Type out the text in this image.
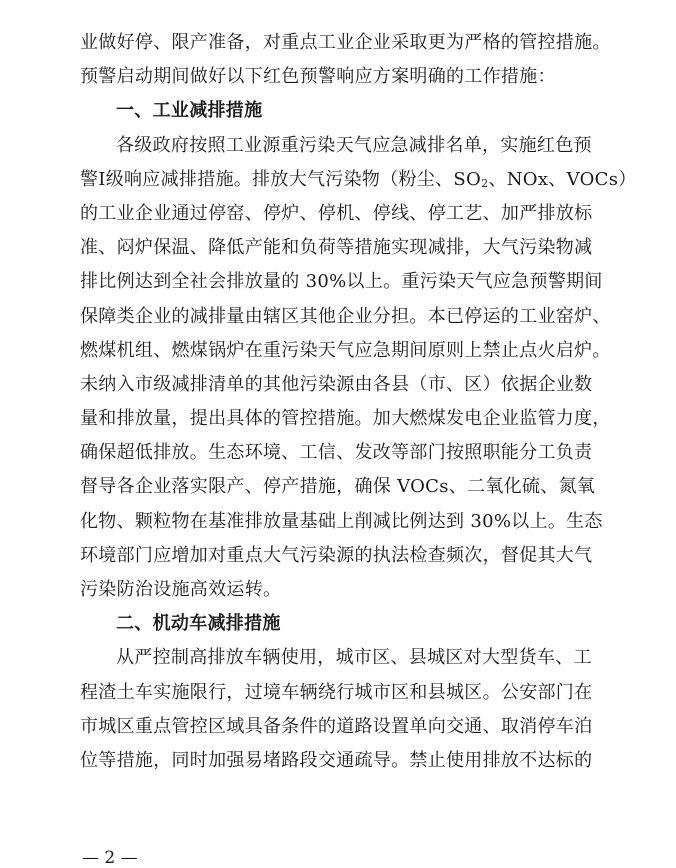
业做好停、限产准备，对重点工业企业采取更为严格的管控措施。
预警启动期间做好以下红色预警响应方案明确的工作措施：
一、工业减排措施
各级政府按照工业源重污染天气应急减排名单，实施红色预
警I级响应减排措施。排放大气污染物（粉尘、$SO_2$、NOx、VOCs）
的工业企业通过停窑、停炉、停机、停线、停工艺、加严排放标
准、闷炉保温、降低产能和负荷等措施实现减排，大气污染物减
排比例达到全社会排放量的 30%以上。重污染天气应急预警期间
保障类企业的减排量由辖区其他企业分担。本已停运的工业窑炉、
燃煤机组、燃煤锅炉在重污染天气应急期间原则上禁止点火启炉。
未纳入市级减排清单的其他污染源由各县（市、区）依据企业数
量和排放量，提出具体的管控措施。加大燃煤发电企业监管力度，
确保超低排放。生态环境、工信、发改等部门按照职能分工负责
督导各企业落实限产、停产措施，确保 VOCs、二氧化硫、氮氧
化物、颗粒物在基准排放量基础上削减比例达到 30%以上。生态
环境部门应增加对重点大气污染源的执法检查频次，督促其大气
污染防治设施高效运转。
二、机动车减排措施
从严控制高排放车辆使用，城市区、县城区对大型货车、工
程渣土车实施限行，过境车辆绕行城市区和县城区。公安部门在
市城区重点管控区域具备条件的道路设置单向交通、取消停车泊
位等措施，同时加强易堵路段交通疏导。禁止使用排放不达标的
— 2 —
